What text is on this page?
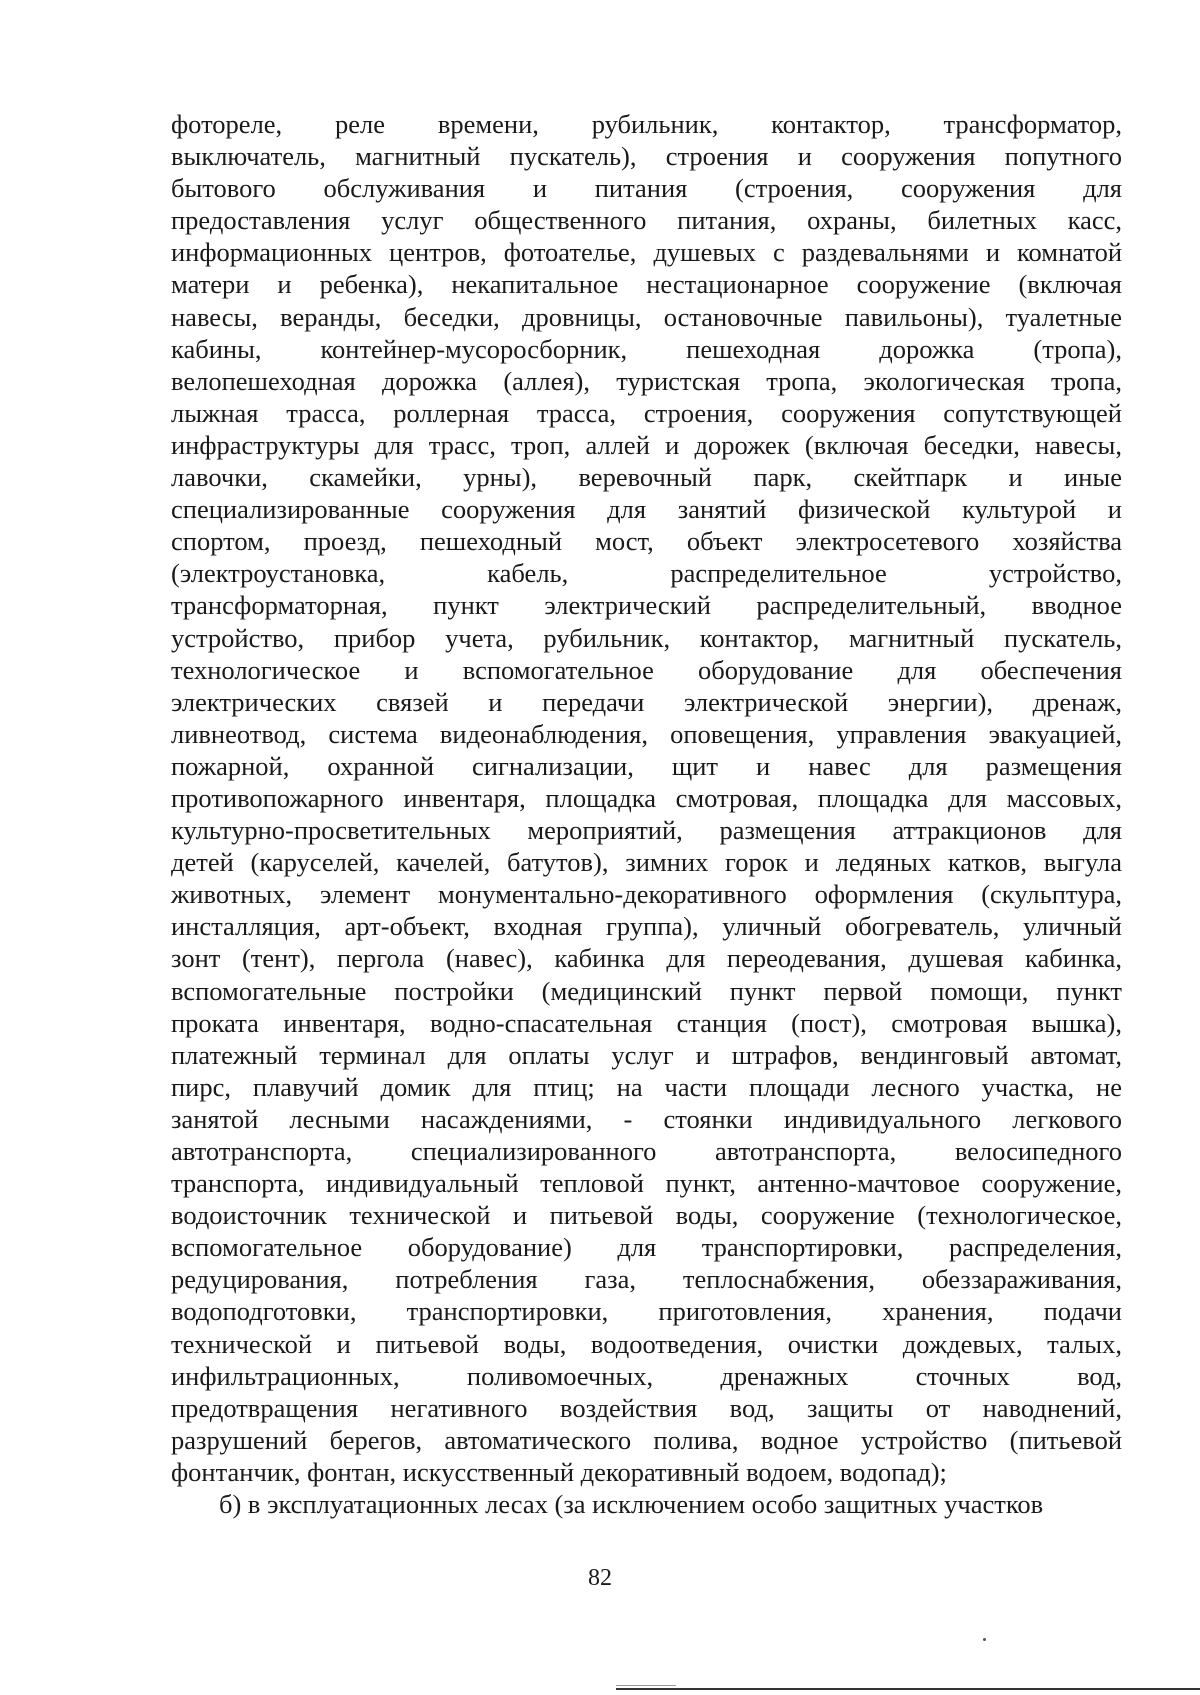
фотореле, реле времени, рубильник, контактор, трансформатор,
выключатель, магнитный пускатель), строения и сооружения попутного
бытового обслуживания и питания (строения, сооружения для
предоставления услуг общественного питания, охраны, билетных касс,
информационных центров, фотоателье, душевых с раздевальнями и комнатой
матери и ребенка), некапитальное нестационарное сооружение (включая
навесы, веранды, беседки, дровницы, остановочные павильоны), туалетные
кабины, контейнер-мусоросборник, пешеходная дорожка (тропа),
велопешеходная дорожка (аллея), туристская тропа, экологическая тропа,
лыжная трасса, роллерная трасса, строения, сооружения сопутствующей
инфраструктуры для трасс, троп, аллей и дорожек (включая беседки, навесы,
лавочки, скамейки, урны), веревочный парк, скейтпарк и иные
специализированные сооружения для занятий физической культурой и
спортом, проезд, пешеходный мост, объект электросетевого хозяйства
(электроустановка, кабель, распределительное устройство,
трансформаторная, пункт электрический распределительный, вводное
устройство, прибор учета, рубильник, контактор, магнитный пускатель,
технологическое и вспомогательное оборудование для обеспечения
электрических связей и передачи электрической энергии), дренаж,
ливнеотвод, система видеонаблюдения, оповещения, управления эвакуацией,
пожарной, охранной сигнализации, щит и навес для размещения
противопожарного инвентаря, площадка смотровая, площадка для массовых,
культурно-просветительных мероприятий, размещения аттракционов для
детей (каруселей, качелей, батутов), зимних горок и ледяных катков, выгула
животных, элемент монументально-декоративного оформления (скульптура,
инсталляция, арт-объект, входная группа), уличный обогреватель, уличный
зонт (тент), пергола (навес), кабинка для переодевания, душевая кабинка,
вспомогательные постройки (медицинский пункт первой помощи, пункт
проката инвентаря, водно-спасательная станция (пост), смотровая вышка),
платежный терминал для оплаты услуг и штрафов, вендинговый автомат,
пирс, плавучий домик для птиц; на части площади лесного участка, не
занятой лесными насаждениями, - стоянки индивидуального легкового
автотранспорта, специализированного автотранспорта, велосипедного
транспорта, индивидуальный тепловой пункт, антенно-мачтовое сооружение,
водоисточник технической и питьевой воды, сооружение (технологическое,
вспомогательное оборудование) для транспортировки, распределения,
редуцирования, потребления газа, теплоснабжения, обеззараживания,
водоподготовки, транспортировки, приготовления, хранения, подачи
технической и питьевой воды, водоотведения, очистки дождевых, талых,
инфильтрационных, поливомоечных, дренажных сточных вод,
предотвращения негативного воздействия вод, защиты от наводнений,
разрушений берегов, автоматического полива, водное устройство (питьевой
фонтанчик, фонтан, искусственный декоративный водоем, водопад);
б) в эксплуатационных лесах (за исключением особо защитных участков
82
